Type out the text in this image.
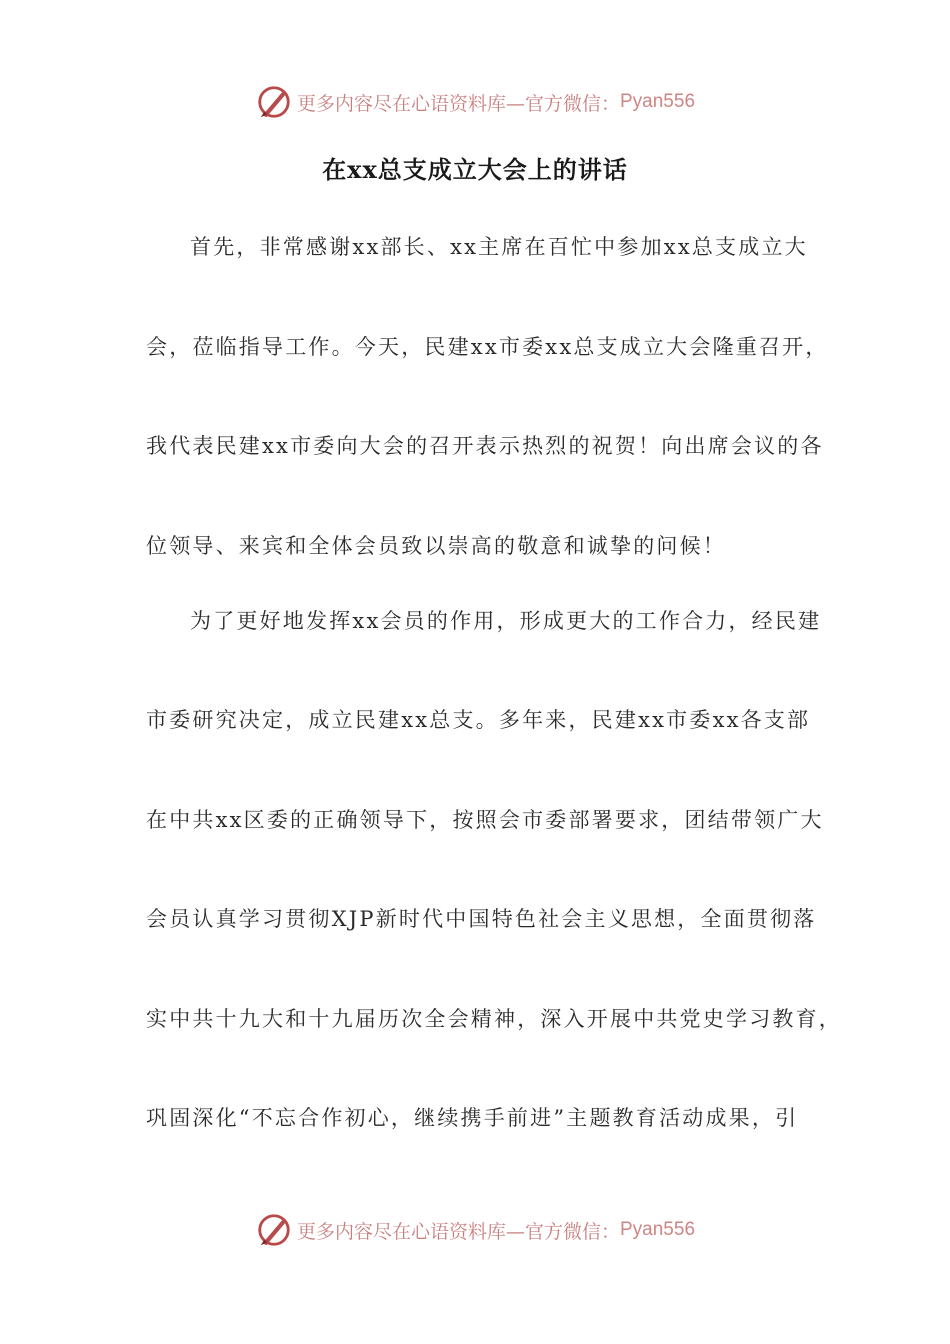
更多内容尽在心语资料库—官方微信： Pyan556
在xx总支成立大会上的讲话
首先，非常感谢xx部长、xx主席在百忙中参加xx总支成立大
会，莅临指导工作。今天，民建xx市委xx总支成立大会隆重召开，
我代表民建xx市委向大会的召开表示热烈的祝贺！向出席会议的各
位领导、来宾和全体会员致以崇高的敬意和诚挚的问候！
为了更好地发挥xx会员的作用，形成更大的工作合力，经民建
市委研究决定，成立民建xx总支。多年来，民建xx市委xx各支部
在中共xx区委的正确领导下，按照会市委部署要求，团结带领广大
会员认真学习贯彻XJP新时代中国特色社会主义思想，全面贯彻落
实中共十九大和十九届历次全会精神，深入开展中共党史学习教育，
巩固深化“不忘合作初心，继续携手前进”主题教育活动成果，引
更多内容尽在心语资料库—官方微信： Pyan556
